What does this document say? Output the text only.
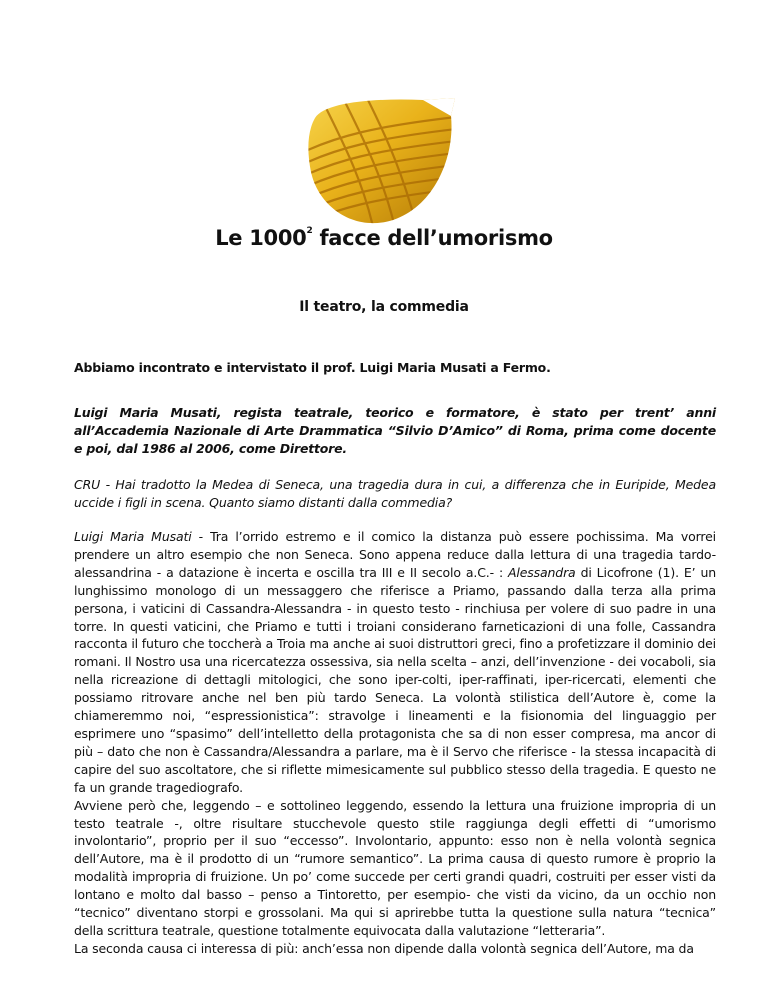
Le 1000$^2$ facce dell’umorismo
Il teatro, la commedia
Abbiamo incontrato e intervistato il prof. Luigi Maria Musati a Fermo.
Luigi Maria Musati, regista teatrale, teorico e formatore, è stato per trent’ anni all’Accademia Nazionale di Arte Drammatica “Silvio D’Amico” di Roma, prima come docente e poi, dal 1986 al 2006, come Direttore.
CRU - Hai tradotto la Medea di Seneca, una tragedia dura in cui, a differenza che in Euripide, Medea uccide i figli in scena. Quanto siamo distanti dalla commedia?

Luigi Maria Musati - Tra l’orrido estremo e il comico la distanza può essere pochissima. Ma vorrei prendere un altro esempio che non Seneca. Sono appena reduce dalla lettura di una tragedia tardo-alessandrina - a datazione è incerta e oscilla tra III e II secolo a.C.- : Alessandra di Licofrone (1). E’ un lunghissimo monologo di un messaggero che riferisce a Priamo, passando dalla terza alla prima persona, i vaticini di Cassandra-Alessandra - in questo testo - rinchiusa per volere di suo padre in una torre. In questi vaticini, che Priamo e tutti i troiani considerano farneticazioni di una folle, Cassandra racconta il futuro che toccherà a Troia ma anche ai suoi distruttori greci, fino a profetizzare il dominio dei romani. Il Nostro usa una ricercatezza ossessiva, sia nella scelta – anzi, dell’invenzione - dei vocaboli, sia nella ricreazione di dettagli mitologici, che sono iper-colti, iper-raffinati, iper-ricercati, elementi che possiamo ritrovare anche nel ben più tardo Seneca. La volontà stilistica dell’Autore è, come la chiameremmo noi, “espressionistica”: stravolge i lineamenti e la fisionomia del linguaggio per esprimere uno “spasimo” dell’intelletto della protagonista che sa di non esser compresa, ma ancor di più – dato che non è Cassandra/Alessandra a parlare, ma è il Servo che riferisce - la stessa incapacità di capire del suo ascoltatore, che si riflette mimesicamente sul pubblico stesso della tragedia. E questo ne fa un grande tragediografo.

Avviene però che, leggendo – e sottolineo leggendo, essendo la lettura una fruizione impropria di un testo teatrale -, oltre risultare stucchevole questo stile raggiunga degli effetti di “umorismo involontario”, proprio per il suo “eccesso”. Involontario, appunto: esso non è nella volontà segnica dell’Autore, ma è il prodotto di un “rumore semantico”. La prima causa di questo rumore è proprio la modalità impropria di fruizione. Un po’ come succede per certi grandi quadri, costruiti per esser visti da lontano e molto dal basso – penso a Tintoretto, per esempio- che visti da vicino, da un occhio non “tecnico” diventano storpi e grossolani. Ma qui si aprirebbe tutta la questione sulla natura “tecnica” della scrittura teatrale, questione totalmente equivocata dalla valutazione “letteraria”.

La seconda causa ci interessa di più: anch’essa non dipende dalla volontà segnica dell’Autore, ma da
